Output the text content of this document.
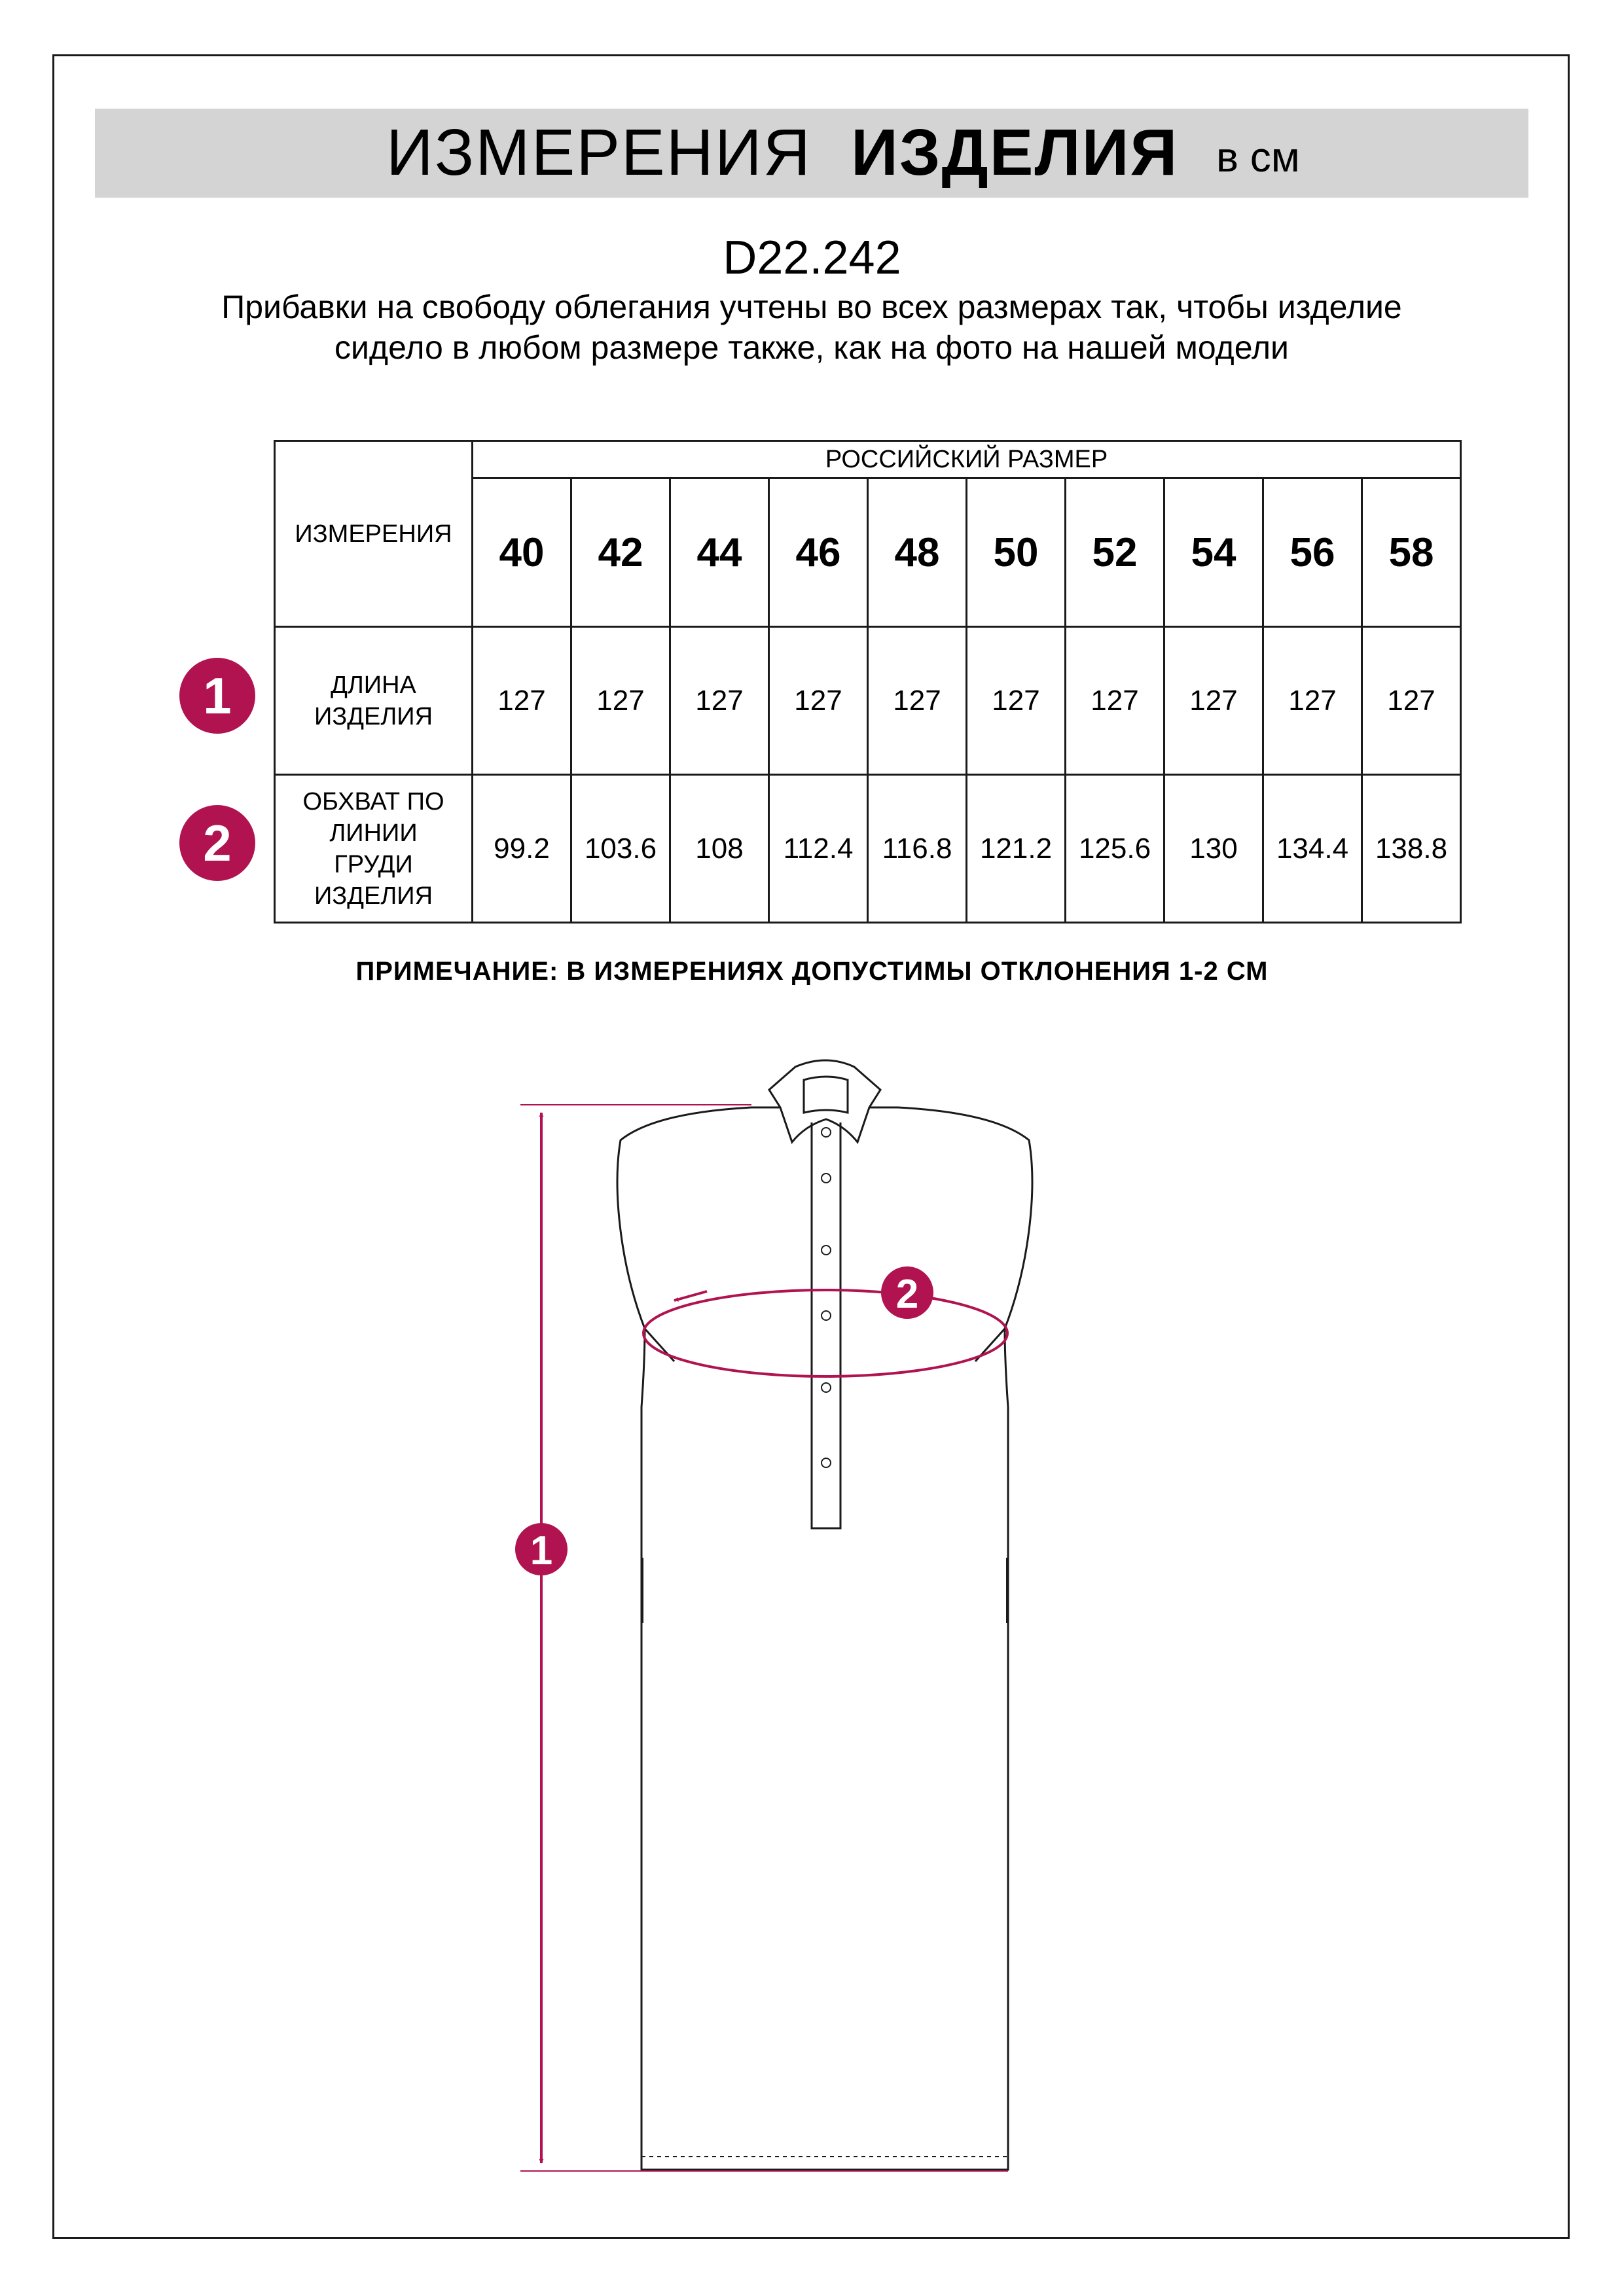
ИЗМЕРЕНИЯ ИЗДЕЛИЯ в см
D22.242
Прибавки на свободу облегания учтены во всех размерах так, чтобы изделие сидело в любом размере также, как на фото на нашей модели
ИЗМЕРЕНИЯ	РОССИЙСКИЙ РАЗМЕР									
	40	42	44	46	48	50	52	54	56	58

ДЛИНА
ИЗДЕЛИЯ	127	127	127	127	127	127	127	127	127	127

ОБХВАТ ПО
ЛИНИИ
ГРУДИ
ИЗДЕЛИЯ	99.2	103.6	108	112.4	116.8	121.2	125.6	130	134.4	138.8
1
2
ПРИМЕЧАНИЕ: В ИЗМЕРЕНИЯХ ДОПУСТИМЫ ОТКЛОНЕНИЯ 1-2 СМ
1
2
